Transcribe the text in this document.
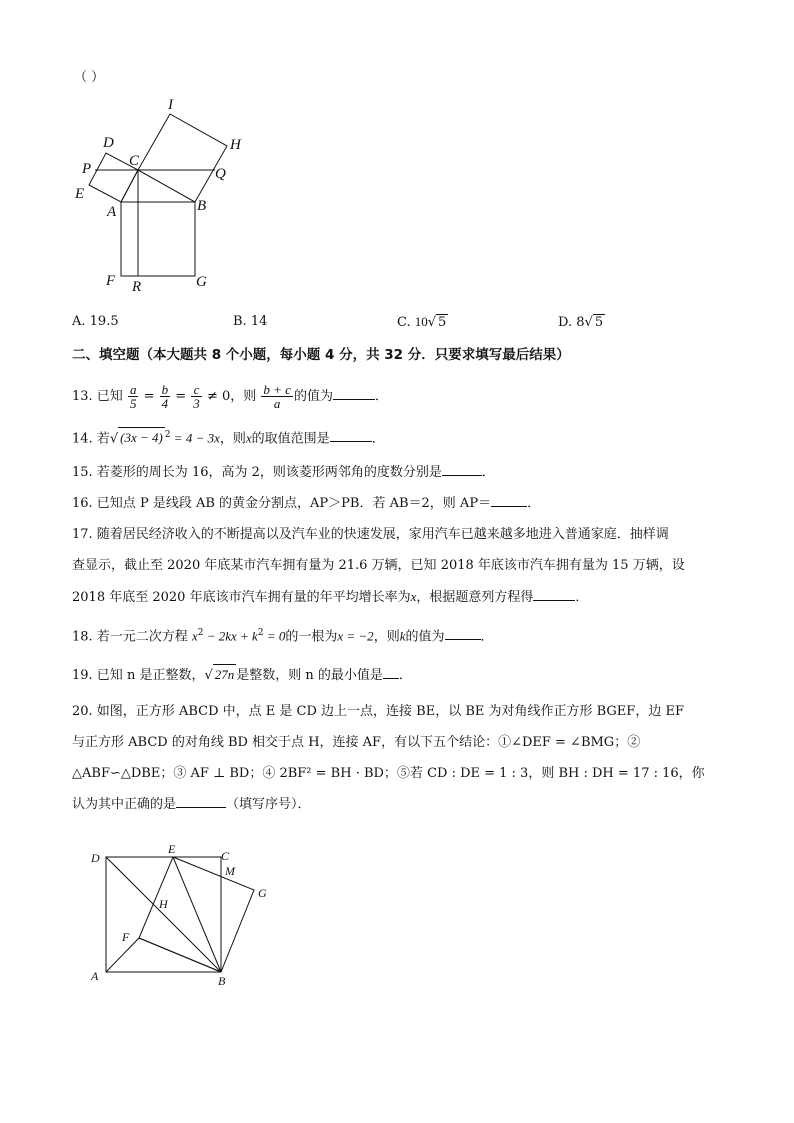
（ ）
I
D	H
P	C
Q
E
A	B
F R	G
A. 19.5	B. 14	C. 10√ 5	D. 8√ 5
二、填空题（本大题共 8 个小题，每小题 4 分，共 32 分．只要求填写最后结果）
13. 已知 $\frac{a}{5} = \frac{b}{4} = \frac{c}{3} \ne 0$，则 $\frac{b + c}{a}$ 的值为	．
14. 若√ (3x − 4) $^2$ = 4 − 3x，则x的取值范围是	．
15. 若菱形的周长为 16，高为 2，则该菱形两邻角的度数分别是	．
16. 已知点 P 是线段 AB 的黄金分割点，AP＞PB．若 AB＝2，则 AP＝	．
17. 随着居民经济收入的不断提高以及汽车业的快速发展，家用汽车已越来越多地进入普通家庭．抽样调
查显示，截止至 2020 年底某市汽车拥有量为 21.6 万辆，已知 2018 年底该市汽车拥有量为 15 万辆，设
2018 年底至 2020 年底该市汽车拥有量的年平均增长率为x，根据题意列方程得	．
18. 若一元二次方程 $x^2 - 2kx + k^2 = 0$的一根为x = −2，则k的值为	．
19. 已知 n 是正整数，√ 27n 是整数，则 n 的最小值是 ．
20. 如图，正方形 ABCD 中，点 E 是 CD 边上一点，连接 BE，以 BE 为对角线作正方形 BGEF，边 EF
与正方形 ABCD 的对角线 BD 相交于点 H，连接 AF，有以下五个结论：①∠DEF = ∠BMG；②
△ABF∽△DBE；③ AF ⊥ BD；④ 2BF² = BH · BD；⑤若 CD : DE = 1 : 3，则 BH : DH = 17 : 16，你
认为其中正确的是	（填写序号）．
D
E	C
M
G
H
F
A	B
